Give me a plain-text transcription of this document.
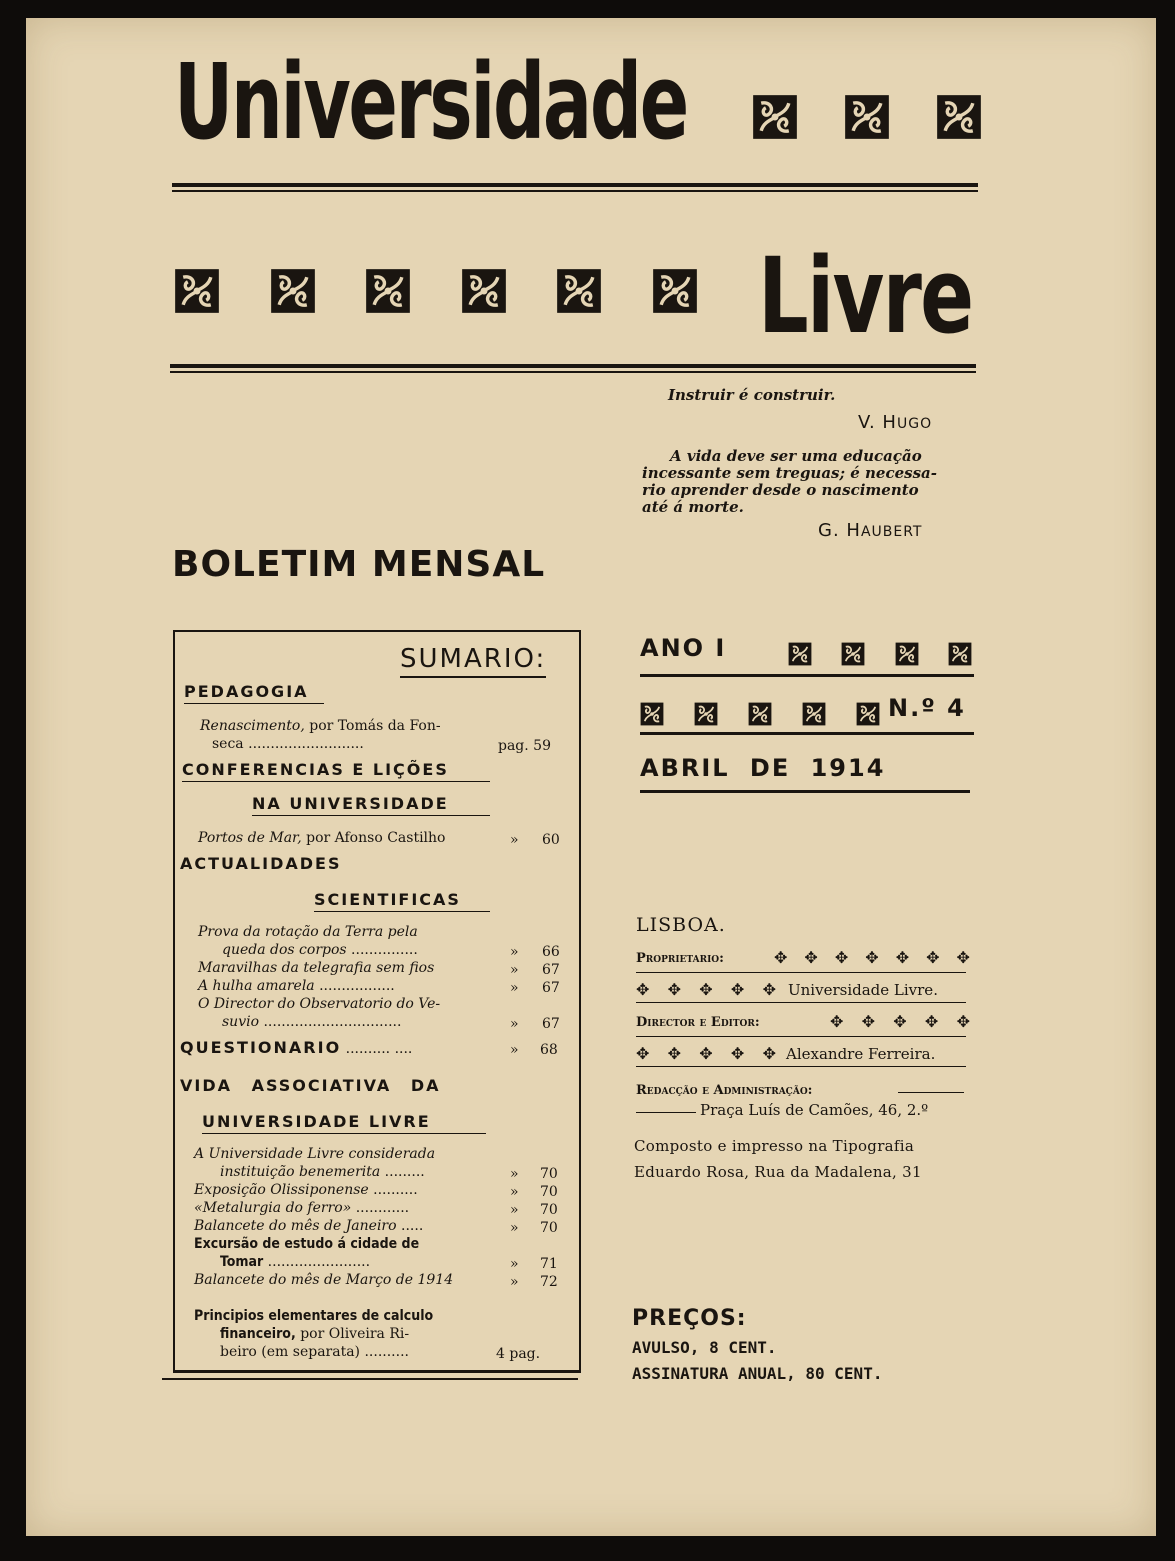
Universidade
Livre
Instruir é construir.
V. HUGO
A vida deve ser uma educação
incessante sem treguas; é necessa-
rio aprender desde o nascimento
até á morte.
G. HAUBERT
BOLETIM MENSAL
SUMARIO:
PEDAGOGIA
Renascimento, por Tomás da Fon-
seca ..........................	pag. 59
CONFERENCIAS E LIÇÕES
NA UNIVERSIDADE
Portos de Mar, por Afonso Castilho	» 60
ACTUALIDADES
SCIENTIFICAS
Prova da rotação da Terra pela
queda dos corpos ...............	» 66
Maravilhas da telegrafia sem fios	» 67
A hulha amarela .................	» 67
O Director do Observatorio do Ve-
suvio ...............................	» 67
QUESTIONARIO .......... ....	» 68
VIDA ASSOCIATIVA DA
UNIVERSIDADE LIVRE
A Universidade Livre considerada
instituição benemerita .........	» 70
Exposição Olissiponense ..........	» 70
«Metalurgia do ferro» ............	» 70
Balancete do mês de Janeiro .....	» 70
Excursão de estudo á cidade de
Tomar .......................	» 71
Balancete do mês de Março de 1914	» 72
Principios elementares de calculo
financeiro, por Oliveira Ri-
beiro (em separata) ..........	4 pag.
ANO I
N.º 4
ABRIL DE 1914
LISBOA.
Proprietario:	✥ ✥ ✥ ✥ ✥ ✥ ✥
✥ ✥ ✥ ✥ ✥ Universidade Livre.
Director e Editor:	✥ ✥ ✥ ✥ ✥
✥ ✥ ✥ ✥ ✥ Alexandre Ferreira.
Redacção e Administração:
Praça Luís de Camões, 46, 2.º
Composto e impresso na Tipografia
Eduardo Rosa, Rua da Madalena, 31
PREÇOS:
AVULSO, 8 CENT.
ASSINATURA ANUAL, 80 CENT.
